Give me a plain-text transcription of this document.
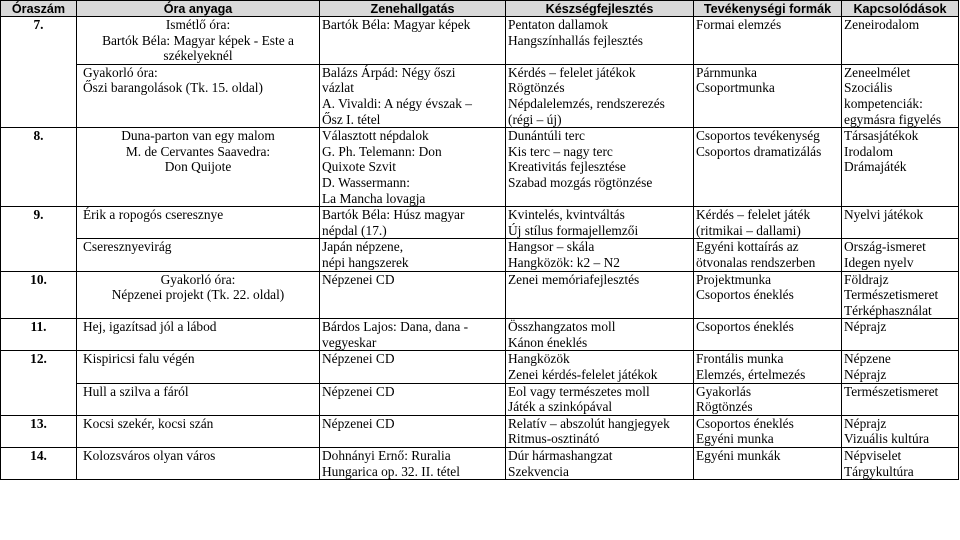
Óraszám	Óra anyaga	Zenehallgatás	Készségfejlesztés	Tevékenységi formák	Kapcsolódások
7.	Ismétlő óra:
Bartók Béla: Magyar képek - Este a
székelyeknél	Bartók Béla: Magyar képek	Pentaton dallamok
Hangszínhallás fejlesztés	Formai elemzés	Zeneirodalom

	Gyakorló óra:
Őszi barangolások (Tk. 15. oldal)	Balázs Árpád: Négy őszi
vázlat
A. Vivaldi: A négy évszak –
Ősz I. tétel	Kérdés – felelet játékok
Rögtönzés
Népdalelemzés, rendszerezés
(régi – új)	Párnmunka
Csoportmunka	Zeneelmélet
Szociális
kompetenciák:
egymásra figyelés

8.	Duna-parton van egy malom
M. de Cervantes Saavedra:
Don Quijote	Választott népdalok
G. Ph. Telemann: Don
Quixote Szvit
D. Wassermann:
La Mancha lovagja	Dunántúli terc
Kis terc – nagy terc
Kreativitás fejlesztése
Szabad mozgás rögtönzése	Csoportos tevékenység
Csoportos dramatizálás	Társasjátékok
Irodalom
Drámajáték

9.	Érik a ropogós cseresznye	Bartók Béla: Húsz magyar
népdal (17.)	Kvintelés, kvintváltás
Új stílus formajellemzői	Kérdés – felelet játék
(ritmikai – dallami)	Nyelvi játékok

	Cseresznyevirág	Japán népzene,
népi hangszerek	Hangsor – skála
Hangközök: k2 – N2	Egyéni kottaírás az
ötvonalas rendszerben	Ország-ismeret
Idegen nyelv

10.	Gyakorló óra:
Népzenei projekt (Tk. 22. oldal)	Népzenei CD	Zenei memóriafejlesztés	Projektmunka
Csoportos éneklés	Földrajz
Természetismeret
Térképhasználat

11.	Hej, igazítsad jól a lábod	Bárdos Lajos: Dana, dana -
vegyeskar	Összhangzatos moll
Kánon éneklés	Csoportos éneklés	Néprajz

12.	Kispiricsi falu végén	Népzenei CD	Hangközök
Zenei kérdés-felelet játékok	Frontális munka
Elemzés, értelmezés	Népzene
Néprajz

	Hull a szilva a fáról	Népzenei CD	Eol vagy természetes moll
Játék a szinkópával	Gyakorlás
Rögtönzés	Természetismeret

13.	Kocsi szekér, kocsi szán	Népzenei CD	Relatív – abszolút hangjegyek
Ritmus-osztinátó	Csoportos éneklés
Egyéni munka	Néprajz
Vizuális kultúra

14.	Kolozsváros olyan város	Dohnányi Ernő: Ruralia
Hungarica op. 32. II. tétel	Dúr hármashangzat
Szekvencia	Egyéni munkák	Népviselet
Tárgykultúra
